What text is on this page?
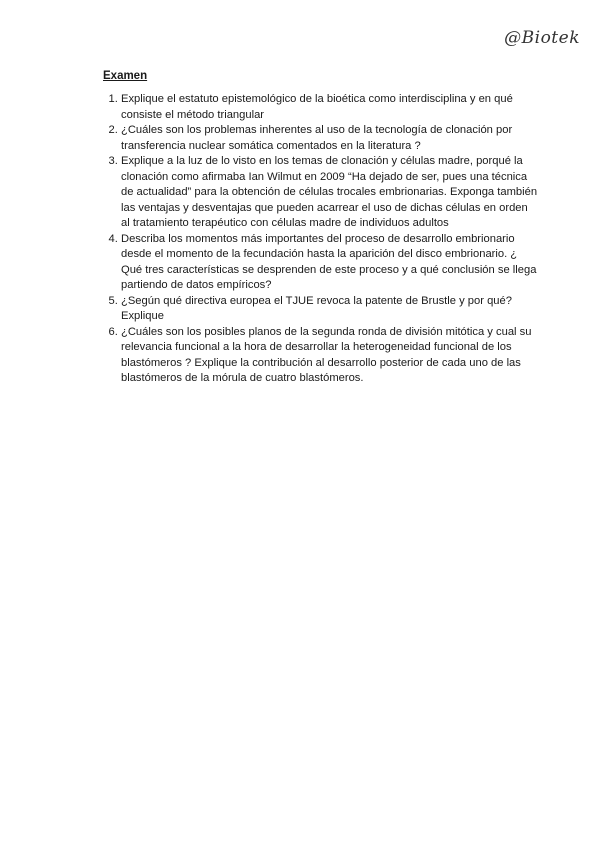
@Biotek
Examen
1. Explique el estatuto epistemológico de la bioética como interdisciplina y en qué consiste el método triangular
2. ¿Cuáles son los problemas inherentes al uso de la tecnología de clonación por transferencia nuclear somática comentados en la literatura ?
3. Explique a la luz de lo visto en los temas de clonación y células madre, porqué la clonación como afirmaba Ian Wilmut en 2009 “Ha dejado de ser, pues una técnica de actualidad” para la obtención de células trocales embrionarias. Exponga también las ventajas y desventajas que pueden acarrear el uso de dichas células en orden al tratamiento terapéutico con células madre de individuos adultos
4. Describa los momentos más importantes del proceso de desarrollo embrionario desde el momento de la fecundación hasta la aparición del disco embrionario. ¿ Qué tres características se desprenden de este proceso y a qué conclusión se llega partiendo de datos empíricos?
5. ¿Según qué directiva europea el TJUE revoca la patente de Brustle y por qué? Explique
6. ¿Cuáles son los posibles planos de la segunda ronda de división mitótica y cual su relevancia funcional a la hora de desarrollar la heterogeneidad funcional de los blastómeros ? Explique la contribución al desarrollo posterior de cada uno de las blastómeros de la mórula de cuatro blastómeros.
